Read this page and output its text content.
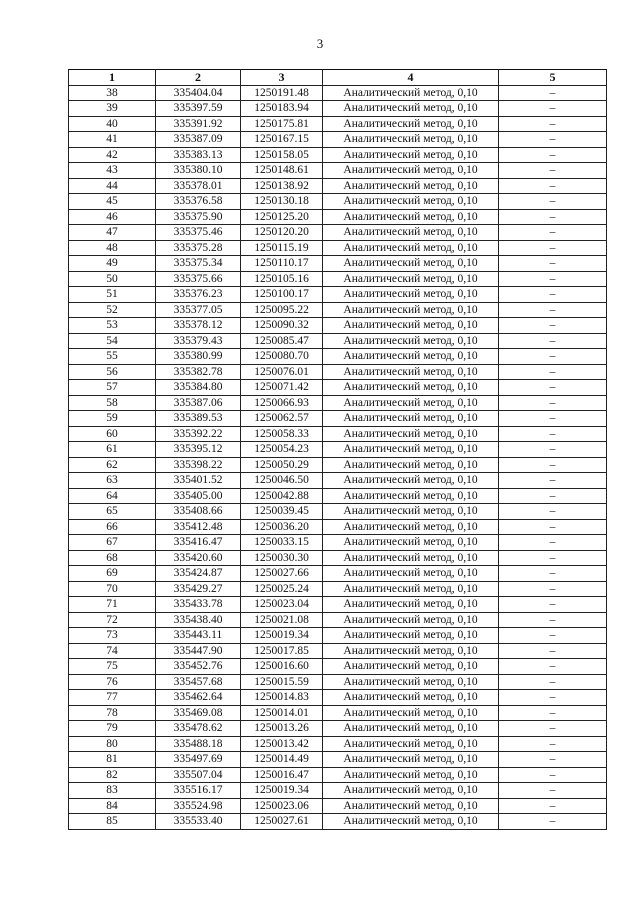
3
1	2	3	4	5
38	335404.04	1250191.48	Аналитический метод, 0,10	–
39	335397.59	1250183.94	Аналитический метод, 0,10	–
40	335391.92	1250175.81	Аналитический метод, 0,10	–
41	335387.09	1250167.15	Аналитический метод, 0,10	–
42	335383.13	1250158.05	Аналитический метод, 0,10	–
43	335380.10	1250148.61	Аналитический метод, 0,10	–
44	335378.01	1250138.92	Аналитический метод, 0,10	–
45	335376.58	1250130.18	Аналитический метод, 0,10	–
46	335375.90	1250125.20	Аналитический метод, 0,10	–
47	335375.46	1250120.20	Аналитический метод, 0,10	–
48	335375.28	1250115.19	Аналитический метод, 0,10	–
49	335375.34	1250110.17	Аналитический метод, 0,10	–
50	335375.66	1250105.16	Аналитический метод, 0,10	–
51	335376.23	1250100.17	Аналитический метод, 0,10	–
52	335377.05	1250095.22	Аналитический метод, 0,10	–
53	335378.12	1250090.32	Аналитический метод, 0,10	–
54	335379.43	1250085.47	Аналитический метод, 0,10	–
55	335380.99	1250080.70	Аналитический метод, 0,10	–
56	335382.78	1250076.01	Аналитический метод, 0,10	–
57	335384.80	1250071.42	Аналитический метод, 0,10	–
58	335387.06	1250066.93	Аналитический метод, 0,10	–
59	335389.53	1250062.57	Аналитический метод, 0,10	–
60	335392.22	1250058.33	Аналитический метод, 0,10	–
61	335395.12	1250054.23	Аналитический метод, 0,10	–
62	335398.22	1250050.29	Аналитический метод, 0,10	–
63	335401.52	1250046.50	Аналитический метод, 0,10	–
64	335405.00	1250042.88	Аналитический метод, 0,10	–
65	335408.66	1250039.45	Аналитический метод, 0,10	–
66	335412.48	1250036.20	Аналитический метод, 0,10	–
67	335416.47	1250033.15	Аналитический метод, 0,10	–
68	335420.60	1250030.30	Аналитический метод, 0,10	–
69	335424.87	1250027.66	Аналитический метод, 0,10	–
70	335429.27	1250025.24	Аналитический метод, 0,10	–
71	335433.78	1250023.04	Аналитический метод, 0,10	–
72	335438.40	1250021.08	Аналитический метод, 0,10	–
73	335443.11	1250019.34	Аналитический метод, 0,10	–
74	335447.90	1250017.85	Аналитический метод, 0,10	–
75	335452.76	1250016.60	Аналитический метод, 0,10	–
76	335457.68	1250015.59	Аналитический метод, 0,10	–
77	335462.64	1250014.83	Аналитический метод, 0,10	–
78	335469.08	1250014.01	Аналитический метод, 0,10	–
79	335478.62	1250013.26	Аналитический метод, 0,10	–
80	335488.18	1250013.42	Аналитический метод, 0,10	–
81	335497.69	1250014.49	Аналитический метод, 0,10	–
82	335507.04	1250016.47	Аналитический метод, 0,10	–
83	335516.17	1250019.34	Аналитический метод, 0,10	–
84	335524.98	1250023.06	Аналитический метод, 0,10	–
85	335533.40	1250027.61	Аналитический метод, 0,10	–
